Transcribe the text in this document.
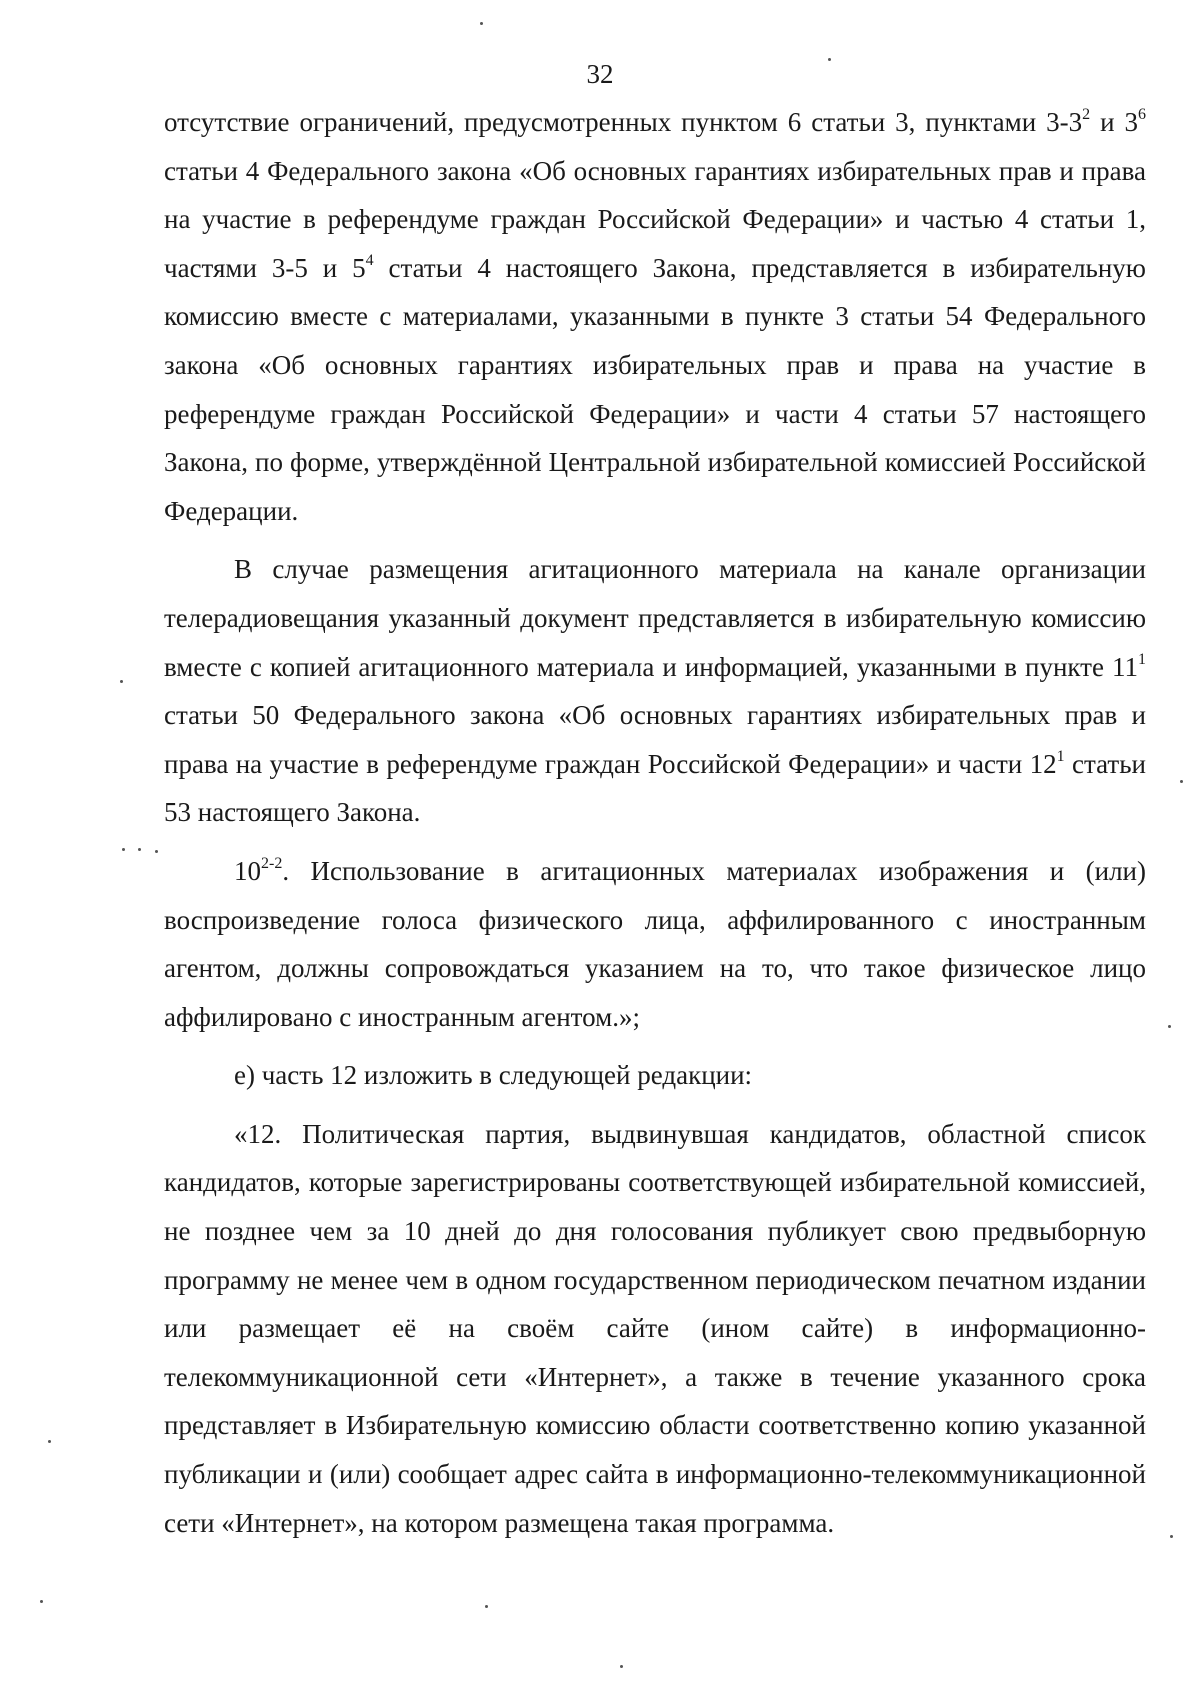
32

отсутствие ограничений, предусмотренных пунктом 6 статьи 3, пунктами $3-3^2$ и $3^6$ статьи 4 Федерального закона «Об основных гарантиях избирательных прав и права на участие в референдуме граждан Российской Федерации» и частью 4 статьи 1, частями 3-5 и $5^4$ статьи 4 настоящего Закона, представляется в избирательную комиссию вместе с материалами, указанными в пункте 3 статьи 54 Федерального закона «Об основных гарантиях избирательных прав и права на участие в референдуме граждан Российской Федерации» и части 4 статьи 57 настоящего Закона, по форме, утверждённой Центральной избирательной комиссией Российской Федерации.

В случае размещения агитационного материала на канале организации телерадиовещания указанный документ представляется в избирательную комиссию вместе с копией агитационного материала и информацией, указанными в пункте $11^1$ статьи 50 Федерального закона «Об основных гарантиях избирательных прав и права на участие в референдуме граждан Российской Федерации» и части $12^1$ статьи 53 настоящего Закона.

10$^{2-2}$. Использование в агитационных материалах изображения и (или) воспроизведение голоса физического лица, аффилированного с иностранным агентом, должны сопровождаться указанием на то, что такое физическое лицо аффилировано с иностранным агентом.»;

е) часть 12 изложить в следующей редакции:

«12. Политическая партия, выдвинувшая кандидатов, областной список кандидатов, которые зарегистрированы соответствующей избирательной комиссией, не позднее чем за 10 дней до дня голосования публикует свою предвыборную программу не менее чем в одном государственном периодическом печатном издании или размещает её на своём сайте (ином сайте) в информационно-телекоммуникационной сети «Интернет», а также в течение указанного срока представляет в Избирательную комиссию области соответственно копию указанной публикации и (или) сообщает адрес сайта в информационно-телекоммуникационной сети «Интернет», на котором размещена такая программа.
